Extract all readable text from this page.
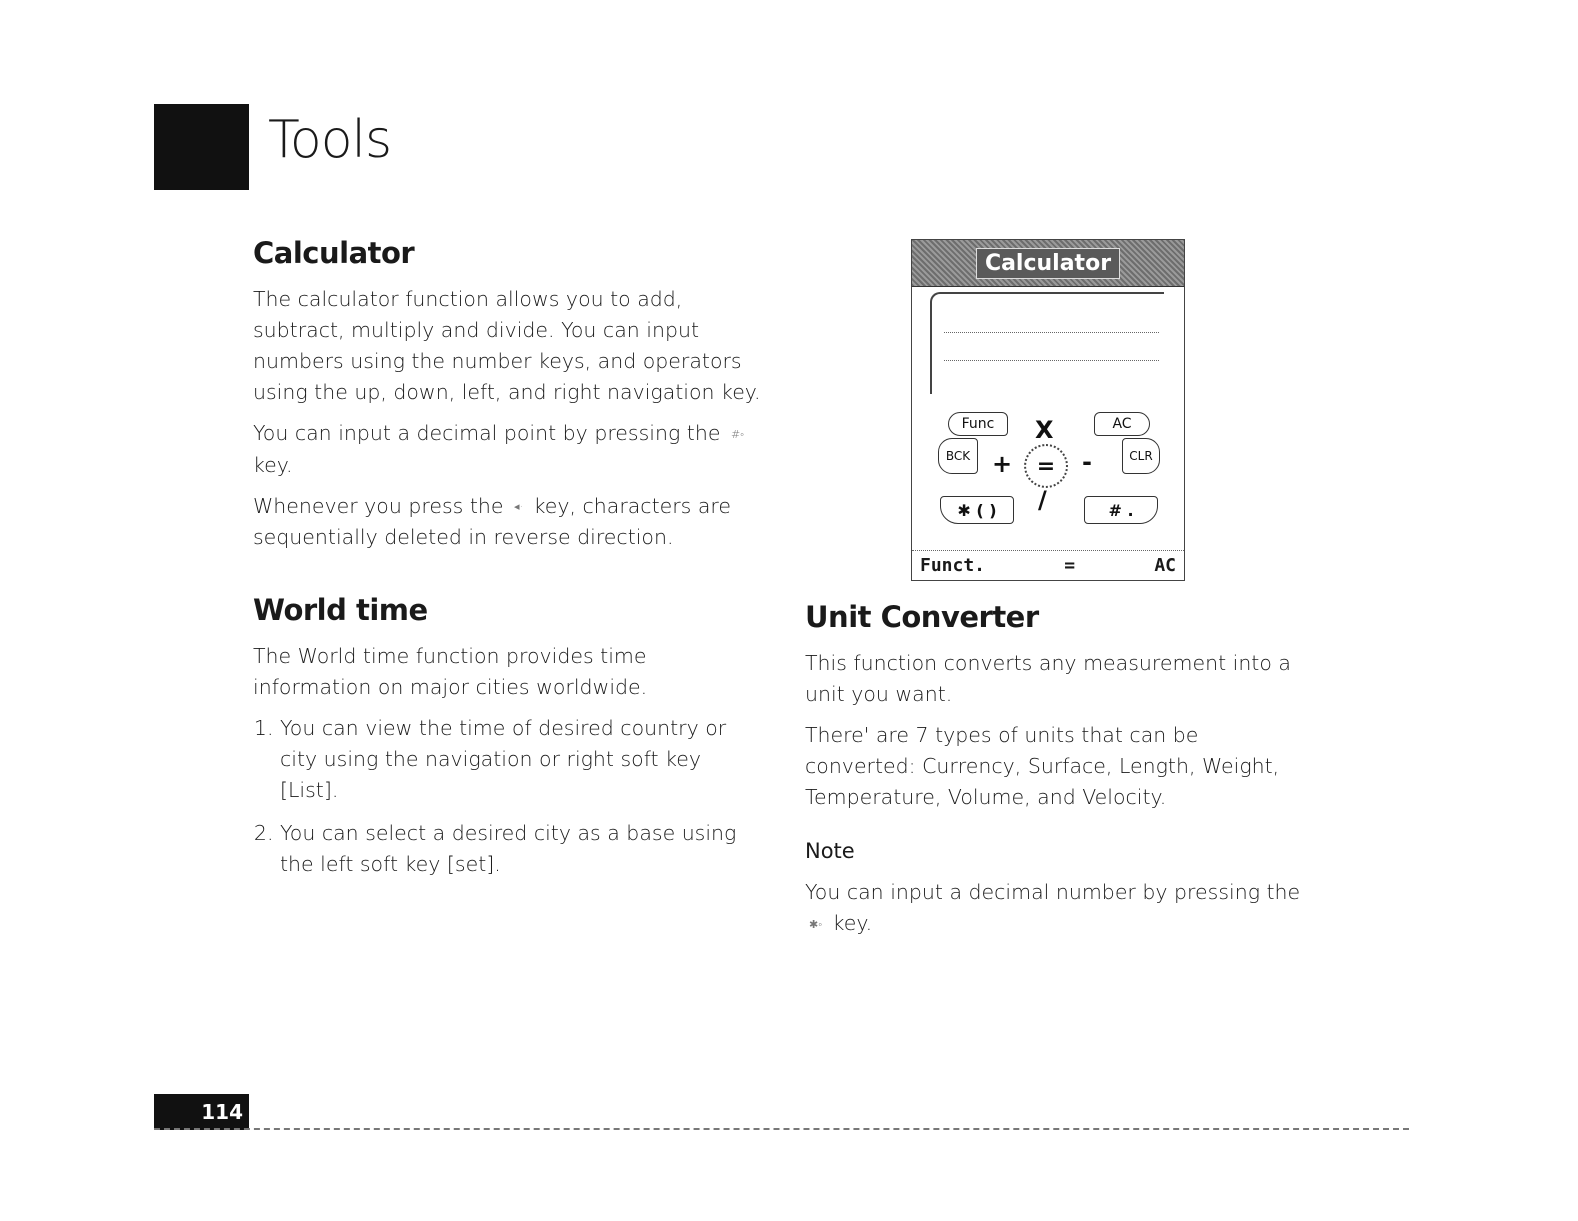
Tools
Calculator

The calculator function allows you to add, subtract, multiply and divide. You can input numbers using the number keys, and operators using the up, down, left, and right navigation key.

You can input a decimal point by pressing the #◦ key.

Whenever you press the ◂· key, characters are sequentially deleted in reverse direction.

World time

The World time function provides time information on major cities worldwide.

1. You can view the time of desired country or city using the navigation or right soft key [List].
2. You can select a desired city as a base using the left soft key [set].
Calculator
Func	AC
BCK	CLR
=
✱ ( )	# .
X
+	-
/
Funct.	=	AC
Unit Converter

This function converts any measurement into a unit you want.

There' are 7 types of units that can be converted: Currency, Surface, Length, Weight, Temperature, Volume, and Velocity.

Note

You can input a decimal number by pressing the ✱◦ key.

114
